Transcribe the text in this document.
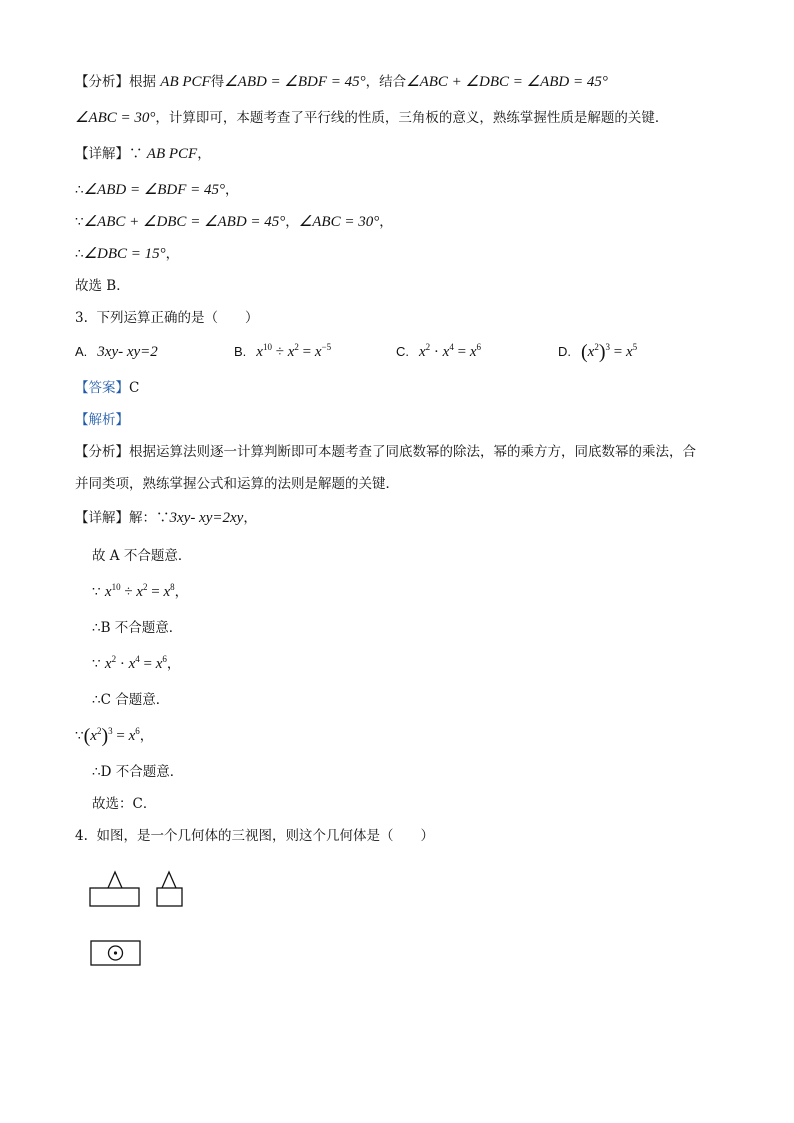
【分析】根据 AB PCF得∠ABD = ∠BDF = 45°，结合∠ABC + ∠DBC = ∠ABD = 45°
∠ABC = 30°，计算即可，本题考查了平行线的性质，三角板的意义，熟练掌握性质是解题的关键．
【详解】∵ AB PCF，
∴∠ABD = ∠BDF = 45°，
∵∠ABC + ∠DBC = ∠ABD = 45°，∠ABC = 30°，
∴∠DBC = 15°，
故选 B．
3. 下列运算正确的是（　　）
A. 3xy- xy=2	B. $x^{10} \div x^2 = x^{-5}$	C. $x^2 \cdot x^4 = x^6$	D. $(x^2)^3 = x^5$
【答案】C
【解析】
【分析】根据运算法则逐一计算判断即可本题考查了同底数幂的除法，幂的乘方方，同底数幂的乘法，合
并同类项，熟练掌握公式和运算的法则是解题的关键．
【详解】解：∵3xy- xy=2xy，
故 A 不合题意．
∵ $x^{10} \div x^2 = x^8$，
∴B 不合题意．
∵ $x^2 \cdot x^4 = x^6$，
∴C 合题意．
$\because(x^2)^3 = x^6$，
∴D 不合题意．
故选：C．
4. 如图，是一个几何体的三视图，则这个几何体是（　　）
